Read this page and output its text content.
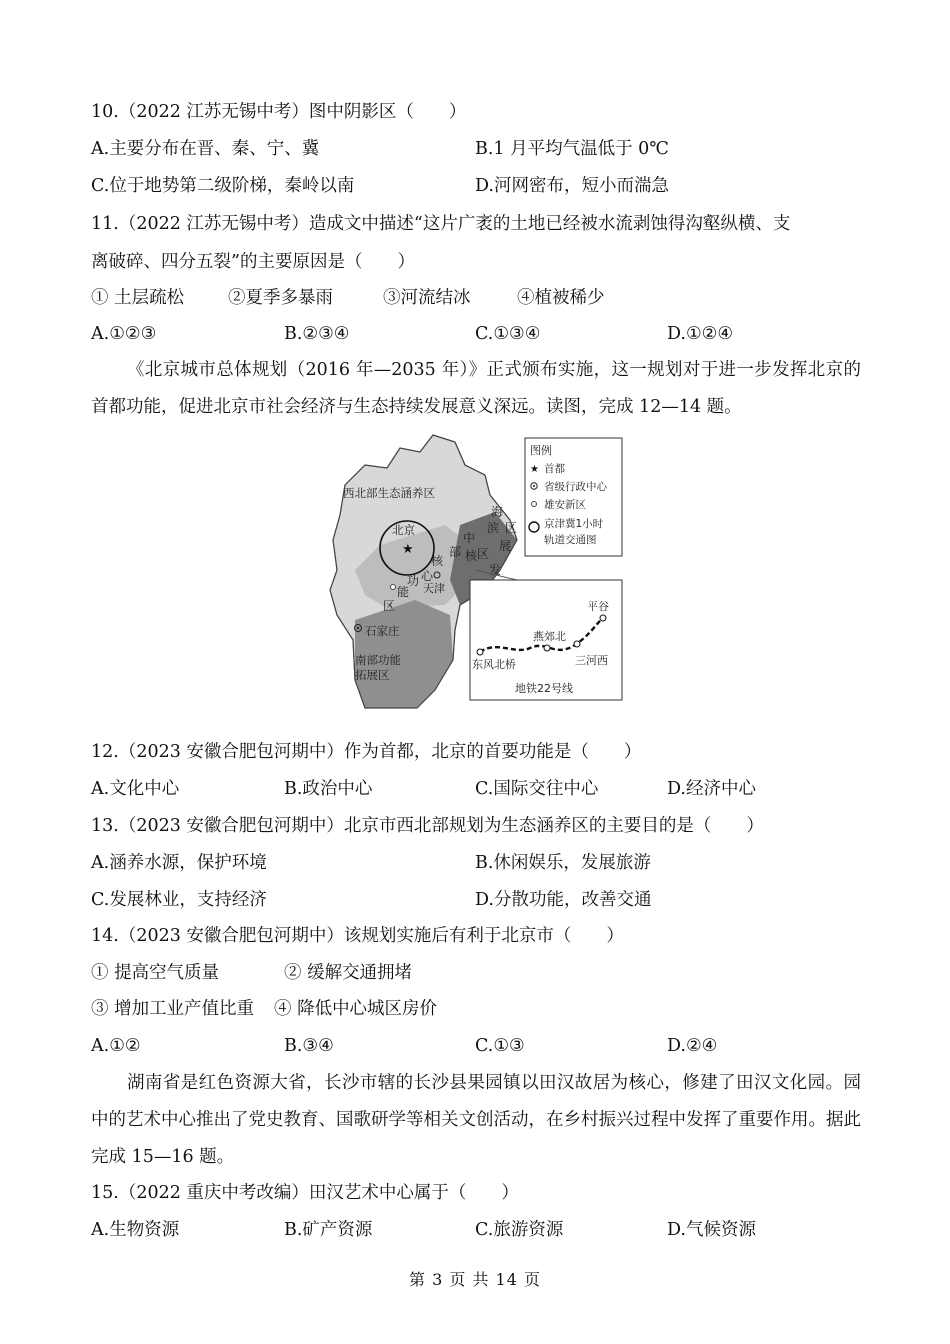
10.（2022 江苏无锡中考）图中阴影区（　　）
A.主要分布在晋、秦、宁、冀	B.1 月平均气温低于 0℃
C.位于地势第二级阶梯，秦岭以南	D.河网密布，短小而湍急
11.（2022 江苏无锡中考）造成文中描述“这片广袤的土地已经被水流剥蚀得沟壑纵横、支
离破碎、四分五裂”的主要原因是（　　）
① 土层疏松	②夏季多暴雨	③河流结冰	④植被稀少
A.①②③	B.②③④	C.①③④	D.①②④
《北京城市总体规划（2016 年—2035 年）》正式颁布实施，这一规划对于进一步发挥北京的首都功能，促进北京市社会经济与生态持续发展意义深远。读图，完成 12—14 题。
西北部生态涵养区
北京
★
天津
核
心
功
能
区
中
部 核
滨
海
区
发
展
区
石家庄
南部功能
拓展区
图例
★ 首都
省级行政中心
雄安新区
京津冀1小时
轨道交通图
平谷
燕郊北
东风北桥	三河西
地铁22号线
12.（2023 安徽合肥包河期中）作为首都，北京的首要功能是（　　）
A.文化中心	B.政治中心	C.国际交往中心	D.经济中心
13.（2023 安徽合肥包河期中）北京市西北部规划为生态涵养区的主要目的是（　　）
A.涵养水源，保护环境	B.休闲娱乐，发展旅游
C.发展林业，支持经济	D.分散功能，改善交通
14.（2023 安徽合肥包河期中）该规划实施后有利于北京市（　　）
① 提高空气质量	② 缓解交通拥堵
③ 增加工业产值比重 ④ 降低中心城区房价
A.①②	B.③④	C.①③	D.②④
湖南省是红色资源大省，长沙市辖的长沙县果园镇以田汉故居为核心，修建了田汉文化园。园中的艺术中心推出了党史教育、国歌研学等相关文创活动，在乡村振兴过程中发挥了重要作用。据此完成 15—16 题。
15.（2022 重庆中考改编）田汉艺术中心属于（　　）
A.生物资源	B.矿产资源	C.旅游资源	D.气候资源
第 3 页 共 14 页
